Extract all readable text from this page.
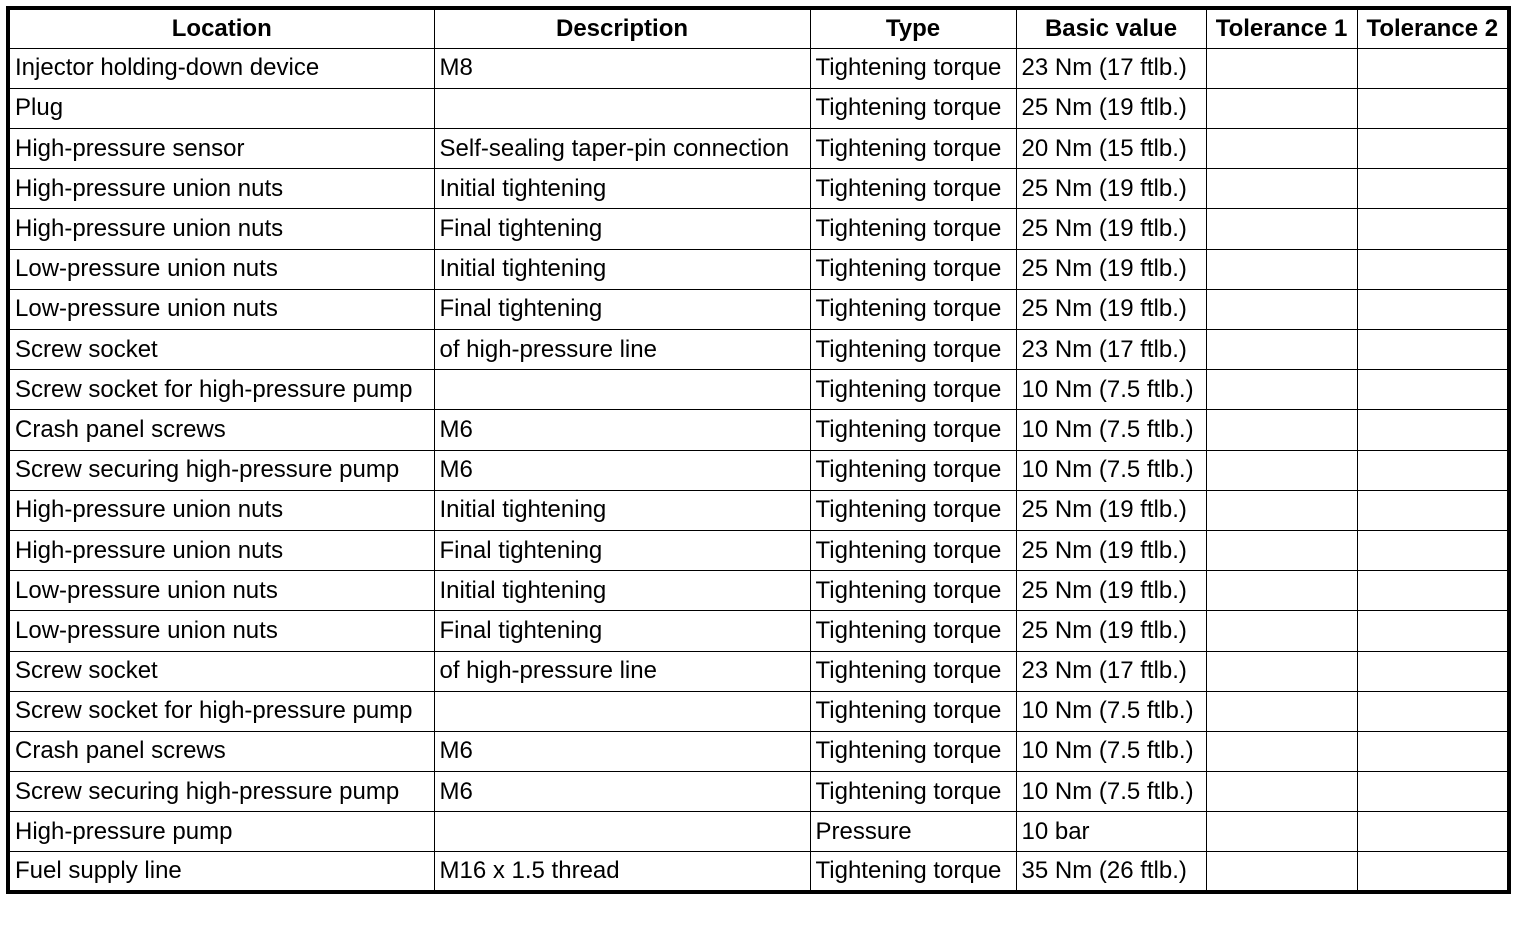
Location	Description	Type	Basic value	Tolerance 1	Tolerance 2
Injector holding-down device	M8	Tightening torque	23 Nm (17 ftlb.)		
Plug		Tightening torque	25 Nm (19 ftlb.)		
High-pressure sensor	Self-sealing taper-pin connection	Tightening torque	20 Nm (15 ftlb.)		
High-pressure union nuts	Initial tightening	Tightening torque	25 Nm (19 ftlb.)		
High-pressure union nuts	Final tightening	Tightening torque	25 Nm (19 ftlb.)		
Low-pressure union nuts	Initial tightening	Tightening torque	25 Nm (19 ftlb.)		
Low-pressure union nuts	Final tightening	Tightening torque	25 Nm (19 ftlb.)		
Screw socket	of high-pressure line	Tightening torque	23 Nm (17 ftlb.)		
Screw socket for high-pressure pump		Tightening torque	10 Nm (7.5 ftlb.)		
Crash panel screws	M6	Tightening torque	10 Nm (7.5 ftlb.)		
Screw securing high-pressure pump	M6	Tightening torque	10 Nm (7.5 ftlb.)		
High-pressure union nuts	Initial tightening	Tightening torque	25 Nm (19 ftlb.)		
High-pressure union nuts	Final tightening	Tightening torque	25 Nm (19 ftlb.)		
Low-pressure union nuts	Initial tightening	Tightening torque	25 Nm (19 ftlb.)		
Low-pressure union nuts	Final tightening	Tightening torque	25 Nm (19 ftlb.)		
Screw socket	of high-pressure line	Tightening torque	23 Nm (17 ftlb.)		
Screw socket for high-pressure pump		Tightening torque	10 Nm (7.5 ftlb.)		
Crash panel screws	M6	Tightening torque	10 Nm (7.5 ftlb.)		
Screw securing high-pressure pump	M6	Tightening torque	10 Nm (7.5 ftlb.)		
High-pressure pump		Pressure	10 bar		
Fuel supply line	M16 x 1.5 thread	Tightening torque	35 Nm (26 ftlb.)		
